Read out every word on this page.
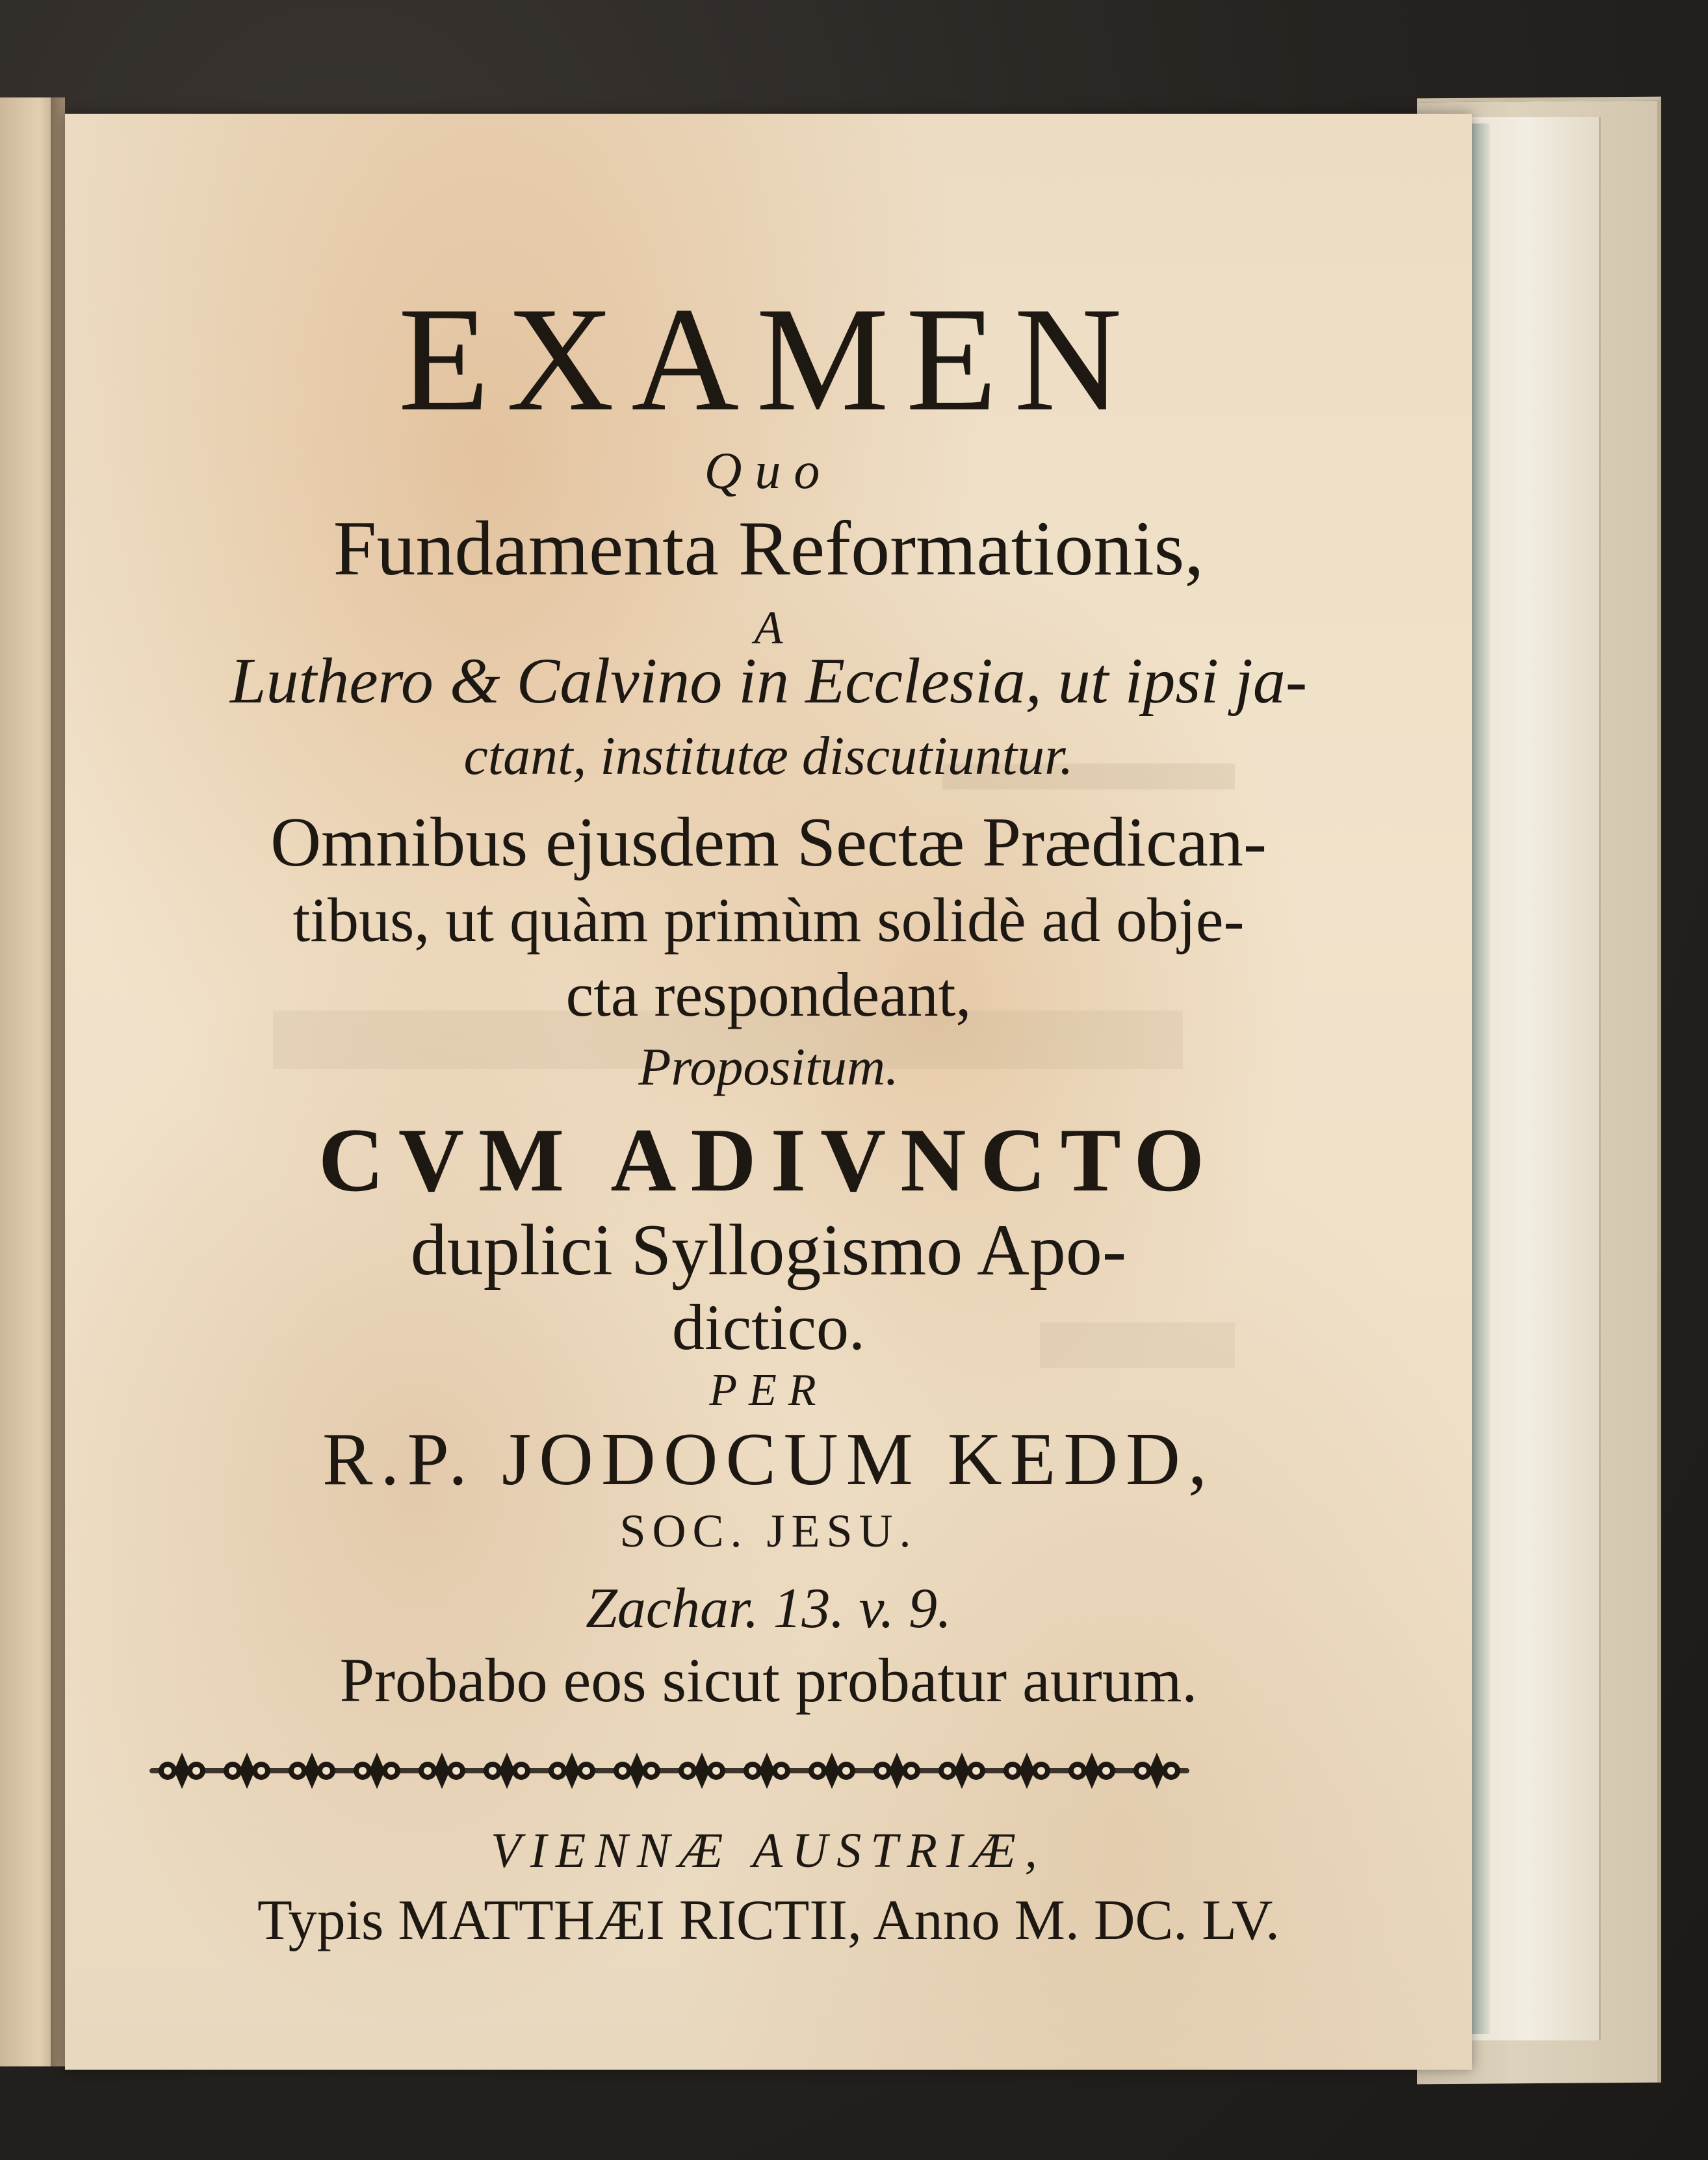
EXAMEN
Quo
Fundamenta Reformationis,
A
Luthero & Calvino in Ecclesia, ut ipsi ja-
ctant, institutæ discutiuntur.
Omnibus ejusdem Sectæ Prædican-
tibus, ut quàm primùm solidè ad obje-
cta respondeant,
Propositum.
CVM ADIVNCTO
duplici Syllogismo Apo-
dictico.
PER
R.P. JODOCUM KEDD,
SOC. JESU.
Zachar. 13. v. 9.
Probabo eos sicut probatur aurum.
VIENNÆ AUSTRIÆ,
Typis MATTHÆI RICTII, Anno M. DC. LV.
